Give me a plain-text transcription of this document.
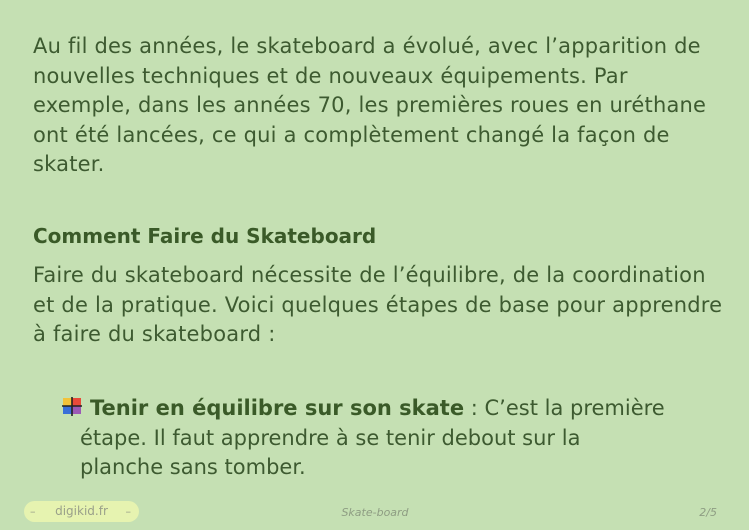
Au fil des années, le skateboard a évolué, avec l’apparition de nouvelles techniques et de nouveaux équipements. Par exemple, dans les années 70, les premières roues en uréthane ont été lancées, ce qui a complètement changé la façon de skater.

Comment Faire du Skateboard

Faire du skateboard nécessite de l’équilibre, de la coordination et de la pratique. Voici quelques étapes de base pour apprendre à faire du skateboard :

Tenir en équilibre sur son skate : C’est la première
étape. Il faut apprendre à se tenir debout sur la
planche sans tomber.
– digikid.fr –	Skate-board	2/5
